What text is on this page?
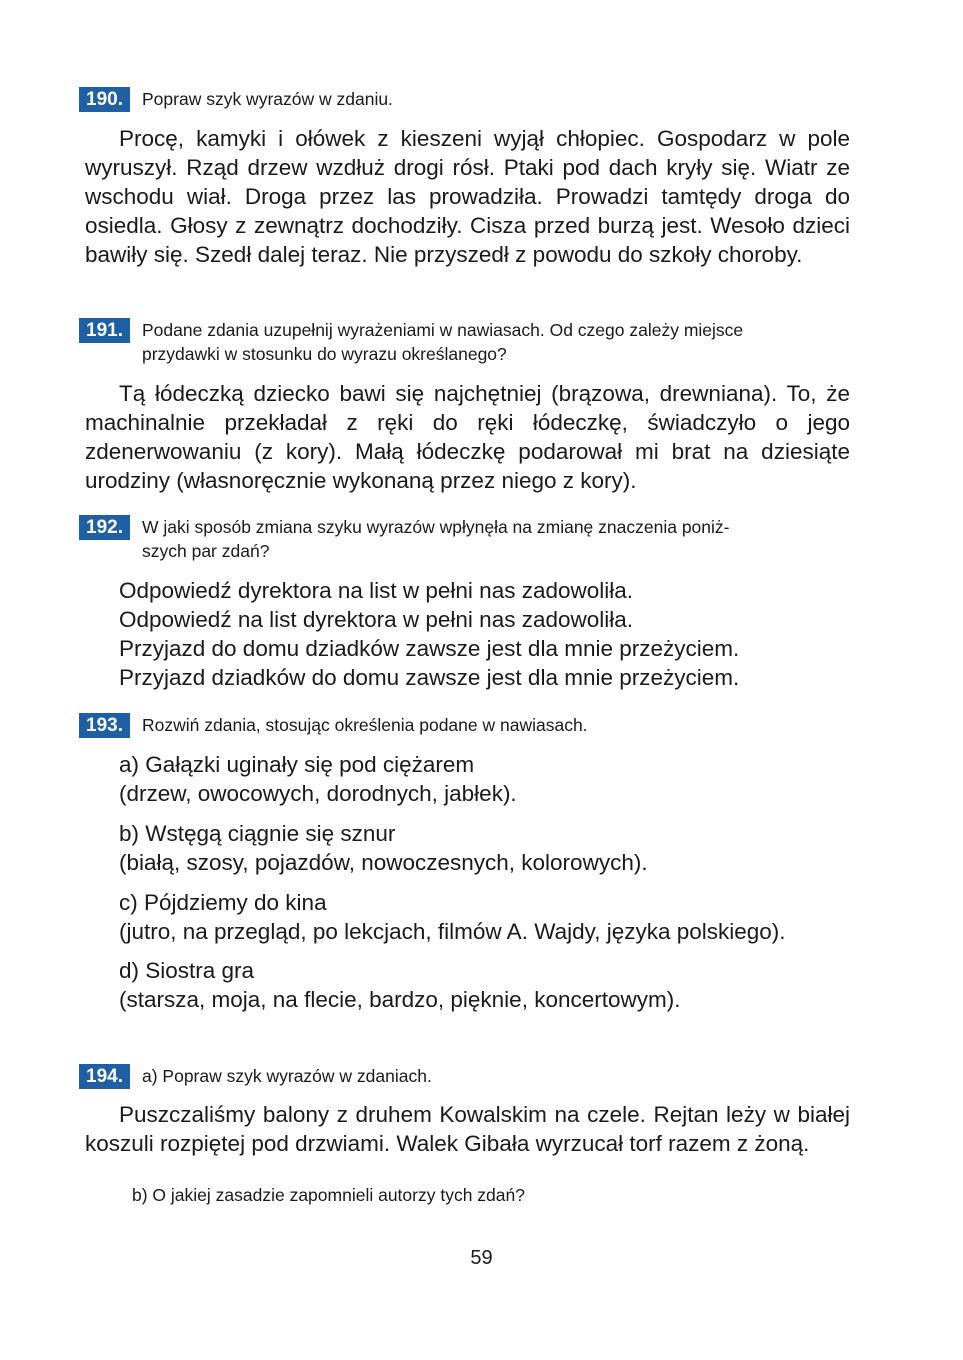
190.	Popraw szyk wyrazów w zdaniu.
Procę, kamyki i ołówek z kieszeni wyjął chłopiec. Gospodarz w pole wyruszył. Rząd drzew wzdłuż drogi rósł. Ptaki pod dach kryły się. Wiatr ze wschodu wiał. Droga przez las prowadziła. Prowadzi tamtędy droga do osiedla. Głosy z zewnątrz dochodziły. Cisza przed burzą jest. Wesoło dzieci bawiły się. Szedł dalej teraz. Nie przyszedł z powodu do szkoły choroby.
191.	Podane zdania uzupełnij wyrażeniami w nawiasach. Od czego zależy miejsce
przydawki w stosunku do wyrazu określanego?
Tą łódeczką dziecko bawi się najchętniej (brązowa, drewniana). To, że machinalnie przekładał z ręki do ręki łódeczkę, świadczyło o jego zdenerwowaniu (z kory). Małą łódeczkę podarował mi brat na dziesiąte urodziny (własnoręcznie wykonaną przez niego z kory).
192.	W jaki sposób zmiana szyku wyrazów wpłynęła na zmianę znaczenia poniż-
szych par zdań?
Odpowiedź dyrektora na list w pełni nas zadowoliła.
Odpowiedź na list dyrektora w pełni nas zadowoliła.
Przyjazd do domu dziadków zawsze jest dla mnie przeżyciem.
Przyjazd dziadków do domu zawsze jest dla mnie przeżyciem.
193.	Rozwiń zdania, stosując określenia podane w nawiasach.
a) Gałązki uginały się pod ciężarem
(drzew, owocowych, dorodnych, jabłek).
b) Wstęgą ciągnie się sznur
(białą, szosy, pojazdów, nowoczesnych, kolorowych).
c) Pójdziemy do kina
(jutro, na przegląd, po lekcjach, filmów A. Wajdy, języka polskiego).
d) Siostra gra
(starsza, moja, na flecie, bardzo, pięknie, koncertowym).
194.	a) Popraw szyk wyrazów w zdaniach.
Puszczaliśmy balony z druhem Kowalskim na czele. Rejtan leży w białej koszuli rozpiętej pod drzwiami. Walek Gibała wyrzucał torf razem z żoną.
b) O jakiej zasadzie zapomnieli autorzy tych zdań?
59
